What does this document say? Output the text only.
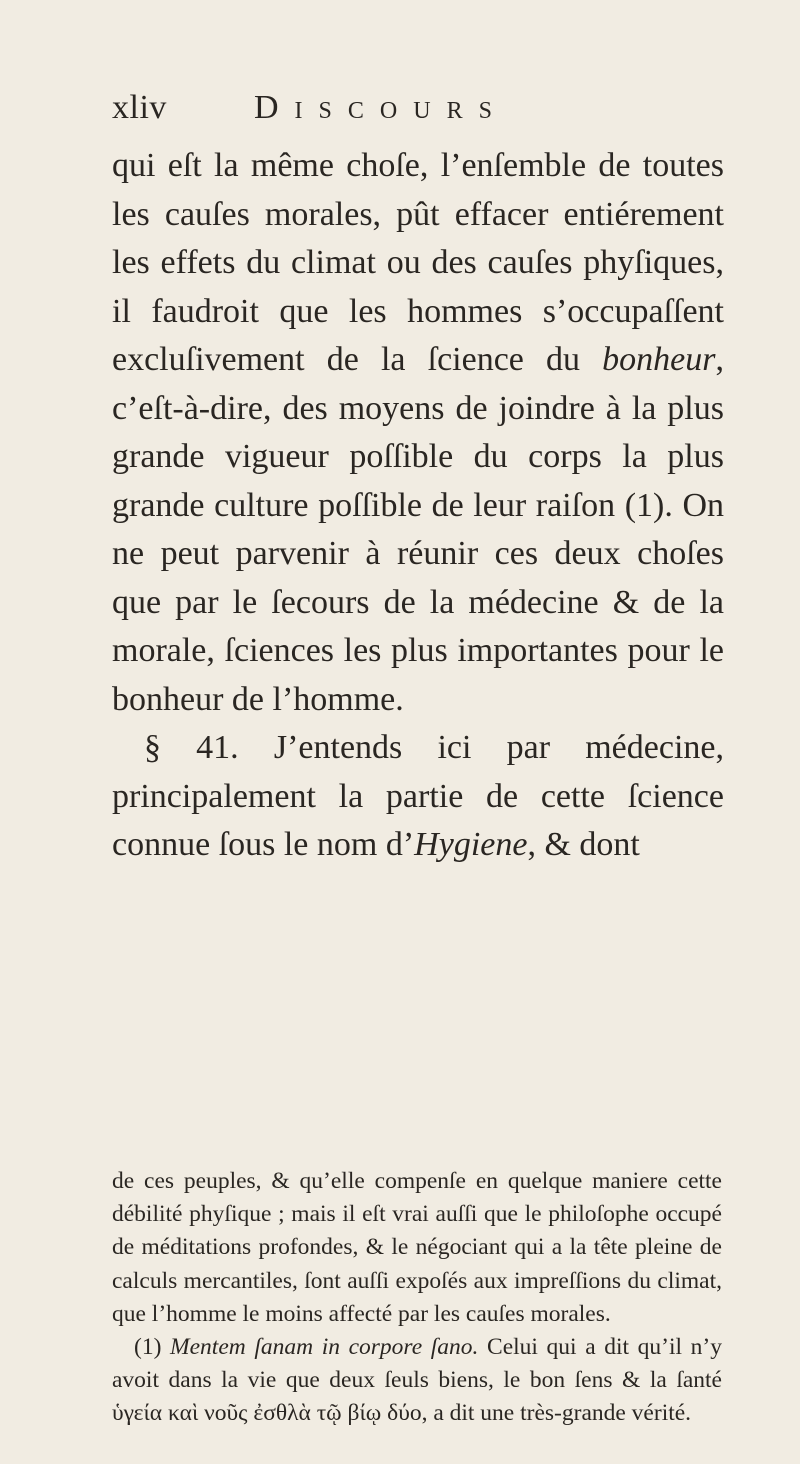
xliv	Discours

qui eſt la même choſe, l’enſemble de toutes les cauſes morales, pût effacer entiérement les effets du climat ou des cauſes phyſiques, il faudroit que les hommes s’occupaſſent excluſivement de la ſcience du bonheur, c’eſt-à-dire, des moyens de joindre à la plus grande vigueur poſſible du corps la plus grande culture poſſible de leur raiſon (1). On ne peut parvenir à réunir ces deux choſes que par le ſecours de la médecine & de la morale, ſciences les plus importantes pour le bonheur de l’homme.

§ 41. J’entends ici par médecine, principalement la partie de cette ſcience connue ſous le nom d’Hygiene, & dont

de ces peuples, & qu’elle compenſe en quelque maniere cette débilité phyſique ; mais il eſt vrai auſſi que le philoſophe occupé de méditations profondes, & le négociant qui a la tête pleine de calculs mercantiles, ſont auſſi expoſés aux impreſſions du climat, que l’homme le moins affecté par les cauſes morales.

(1) Mentem ſanam in corpore ſano. Celui qui a dit qu’il n’y avoit dans la vie que deux ſeuls biens, le bon ſens & la ſanté ὑγεία καὶ νοῦς ἐσθλὰ τῷ βίῳ δύο, a dit une très-grande vérité.
